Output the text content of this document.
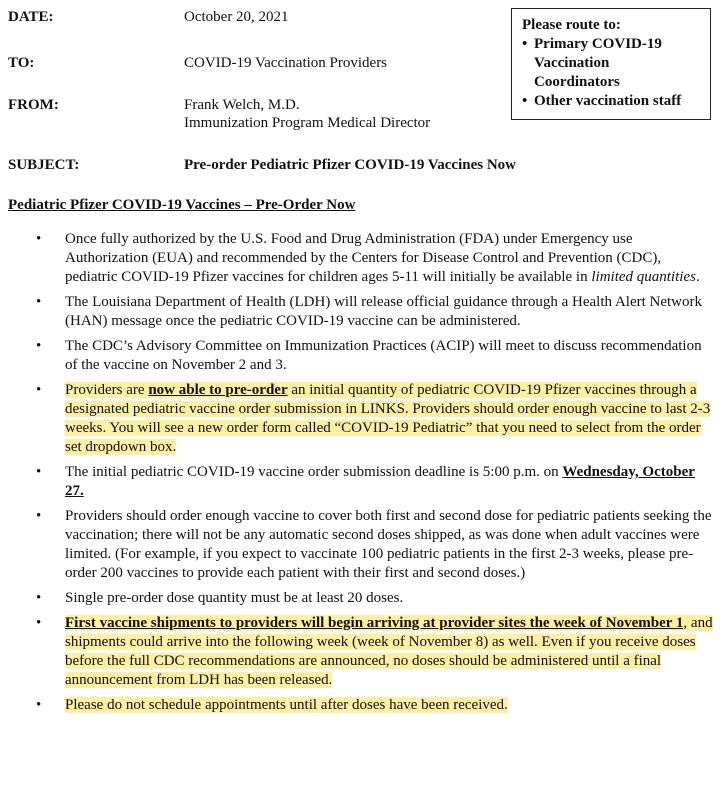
DATE:	October 20, 2021
TO:	COVID-19 Vaccination Providers
FROM:	Frank Welch, M.D.
Immunization Program Medical Director
SUBJECT:	Pre-order Pediatric Pfizer COVID-19 Vaccines Now
Please route to:
• Primary COVID-19 Vaccination Coordinators
• Other vaccination staff
Pediatric Pfizer COVID-19 Vaccines – Pre-Order Now
• Once fully authorized by the U.S. Food and Drug Administration (FDA) under Emergency use Authorization (EUA) and recommended by the Centers for Disease Control and Prevention (CDC), pediatric COVID-19 Pfizer vaccines for children ages 5-11 will initially be available in limited quantities.
• The Louisiana Department of Health (LDH) will release official guidance through a Health Alert Network (HAN) message once the pediatric COVID-19 vaccine can be administered.
• The CDC’s Advisory Committee on Immunization Practices (ACIP) will meet to discuss recommendation of the vaccine on November 2 and 3.
• Providers are now able to pre-order an initial quantity of pediatric COVID-19 Pfizer vaccines through a designated pediatric vaccine order submission in LINKS. Providers should order enough vaccine to last 2-3 weeks. You will see a new order form called “COVID-19 Pediatric” that you need to select from the order set dropdown box.
• The initial pediatric COVID-19 vaccine order submission deadline is 5:00 p.m. on Wednesday, October 27.
• Providers should order enough vaccine to cover both first and second dose for pediatric patients seeking the vaccination; there will not be any automatic second doses shipped, as was done when adult vaccines were limited. (For example, if you expect to vaccinate 100 pediatric patients in the first 2-3 weeks, please pre-order 200 vaccines to provide each patient with their first and second doses.)
• Single pre-order dose quantity must be at least 20 doses.
• First vaccine shipments to providers will begin arriving at provider sites the week of November 1, and shipments could arrive into the following week (week of November 8) as well. Even if you receive doses before the full CDC recommendations are announced, no doses should be administered until a final announcement from LDH has been released.
• Please do not schedule appointments until after doses have been received.
